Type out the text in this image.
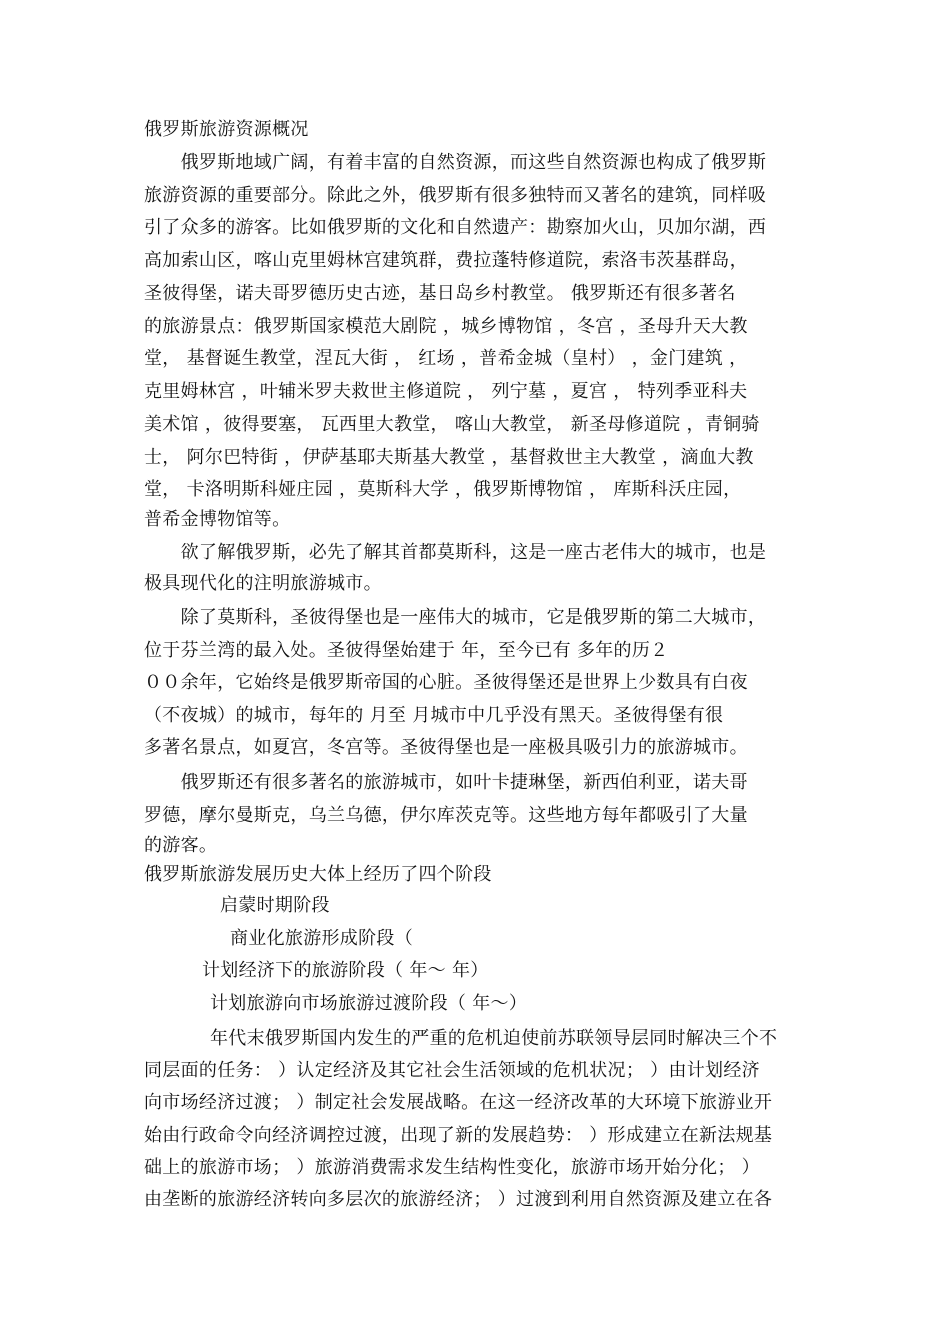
俄罗斯旅游资源概况
　　俄罗斯地域广阔，有着丰富的自然资源，而这些自然资源也构成了俄罗斯
旅游资源的重要部分。除此之外，俄罗斯有很多独特而又著名的建筑，同样吸
引了众多的游客。比如俄罗斯的文化和自然遗产：勘察加火山，贝加尔湖，西
高加索山区，喀山克里姆林宫建筑群，费拉蓬特修道院，索洛韦茨基群岛，
圣彼得堡，诺夫哥罗德历史古迹，基日岛乡村教堂。 俄罗斯还有很多著名
的旅游景点：俄罗斯国家模范大剧院 ，城乡博物馆 ，冬宫 ，圣母升天大教
堂， 基督诞生教堂，涅瓦大街 ， 红场 ，普希金城（皇村） ，金门建筑 ，
克里姆林宫 ，叶辅米罗夫救世主修道院 ， 列宁墓 ，夏宫 ， 特列季亚科夫
美术馆 ，彼得要塞， 瓦西里大教堂， 喀山大教堂， 新圣母修道院 ，青铜骑
士， 阿尔巴特街 ，伊萨基耶夫斯基大教堂 ，基督救世主大教堂 ，滴血大教
堂， 卡洛明斯科娅庄园 ，莫斯科大学 ，俄罗斯博物馆 ， 库斯科沃庄园，
普希金博物馆等。
　　欲了解俄罗斯，必先了解其首都莫斯科，这是一座古老伟大的城市，也是
极具现代化的注明旅游城市。
　　除了莫斯科，圣彼得堡也是一座伟大的城市，它是俄罗斯的第二大城市，
位于芬兰湾的最入处。圣彼得堡始建于 年，至今已有 多年的历２
００余年，它始终是俄罗斯帝国的心脏。圣彼得堡还是世界上少数具有白夜
（不夜城）的城市，每年的 月至 月城市中几乎没有黑天。圣彼得堡有很
多著名景点，如夏宫，冬宫等。圣彼得堡也是一座极具吸引力的旅游城市。
　　俄罗斯还有很多著名的旅游城市，如叶卡捷琳堡，新西伯利亚，诺夫哥
罗德，摩尔曼斯克，乌兰乌德，伊尔库茨克等。这些地方每年都吸引了大量
的游客。
俄罗斯旅游发展历史大体上经历了四个阶段
启蒙时期阶段
商业化旅游形成阶段（
计划经济下的旅游阶段（ 年～ 年）
计划旅游向市场旅游过渡阶段（ 年～）
年代末俄罗斯国内发生的严重的危机迫使前苏联领导层同时解决三个不
同层面的任务： ）认定经济及其它社会生活领域的危机状况； ）由计划经济
向市场经济过渡； ）制定社会发展战略。在这一经济改革的大环境下旅游业开
始由行政命令向经济调控过渡，出现了新的发展趋势： ）形成建立在新法规基
础上的旅游市场； ）旅游消费需求发生结构性变化，旅游市场开始分化； ）
由垄断的旅游经济转向多层次的旅游经济； ）过渡到利用自然资源及建立在各
